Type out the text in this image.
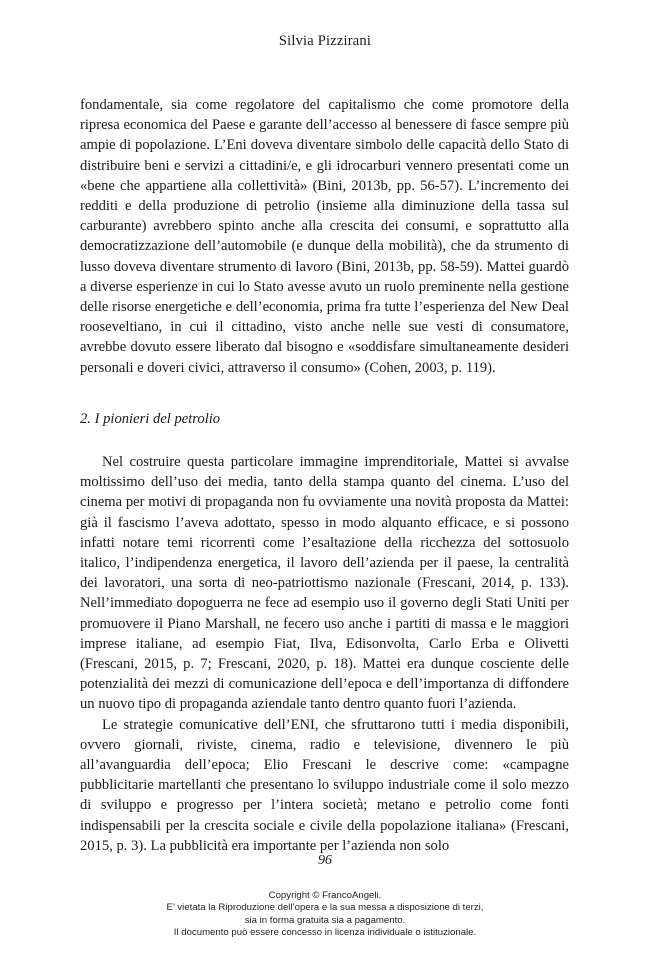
Silvia Pizzirani

fondamentale, sia come regolatore del capitalismo che come promotore della ripresa economica del Paese e garante dell’accesso al benessere di fasce sempre più ampie di popolazione. L’Eni doveva diventare simbolo delle capacità dello Stato di distribuire beni e servizi a cittadini/e, e gli idrocarburi vennero presentati come un «bene che appartiene alla collettività» (Bini, 2013b, pp. 56-57). L’incremento dei redditi e della produzione di petrolio (insieme alla diminuzione della tassa sul carburante) avrebbero spinto anche alla crescita dei consumi, e soprattutto alla democratizzazione dell’automobile (e dunque della mobilità), che da strumento di lusso doveva diventare strumento di lavoro (Bini, 2013b, pp. 58-59). Mattei guardò a diverse esperienze in cui lo Stato avesse avuto un ruolo preminente nella gestione delle risorse energetiche e dell’economia, prima fra tutte l’esperienza del New Deal rooseveltiano, in cui il cittadino, visto anche nelle sue vesti di consumatore, avrebbe dovuto essere liberato dal bisogno e «soddisfare simultaneamente desideri personali e doveri civici, attraverso il consumo» (Cohen, 2003, p. 119).

2. I pionieri del petrolio

Nel costruire questa particolare immagine imprenditoriale, Mattei si avvalse moltissimo dell’uso dei media, tanto della stampa quanto del cinema. L’uso del cinema per motivi di propaganda non fu ovviamente una novità proposta da Mattei: già il fascismo l’aveva adottato, spesso in modo alquanto efficace, e si possono infatti notare temi ricorrenti come l’esaltazione della ricchezza del sottosuolo italico, l’indipendenza energetica, il lavoro dell’azienda per il paese, la centralità dei lavoratori, una sorta di neo-patriottismo nazionale (Frescani, 2014, p. 133). Nell’immediato dopoguerra ne fece ad esempio uso il governo degli Stati Uniti per promuovere il Piano Marshall, ne fecero uso anche i partiti di massa e le maggiori imprese italiane, ad esempio Fiat, Ilva, Edisonvolta, Carlo Erba e Olivetti (Frescani, 2015, p. 7; Frescani, 2020, p. 18). Mattei era dunque cosciente delle potenzialità dei mezzi di comunicazione dell’epoca e dell’importanza di diffondere un nuovo tipo di propaganda aziendale tanto dentro quanto fuori l’azienda.

Le strategie comunicative dell’ENI, che sfruttarono tutti i media disponibili, ovvero giornali, riviste, cinema, radio e televisione, divennero le più all’avanguardia dell’epoca; Elio Frescani le descrive come: «campagne pubblicitarie martellanti che presentano lo sviluppo industriale come il solo mezzo di sviluppo e progresso per l’intera società; metano e petrolio come fonti indispensabili per la crescita sociale e civile della popolazione italiana» (Frescani, 2015, p. 3). La pubblicità era importante per l’azienda non solo

96
Copyright © FrancoAngeli.
E’ vietata la Riproduzione dell’opera e la sua messa a disposizione di terzi,
sia in forma gratuita sia a pagamento.
Il documento può essere concesso in licenza individuale o istituzionale.
